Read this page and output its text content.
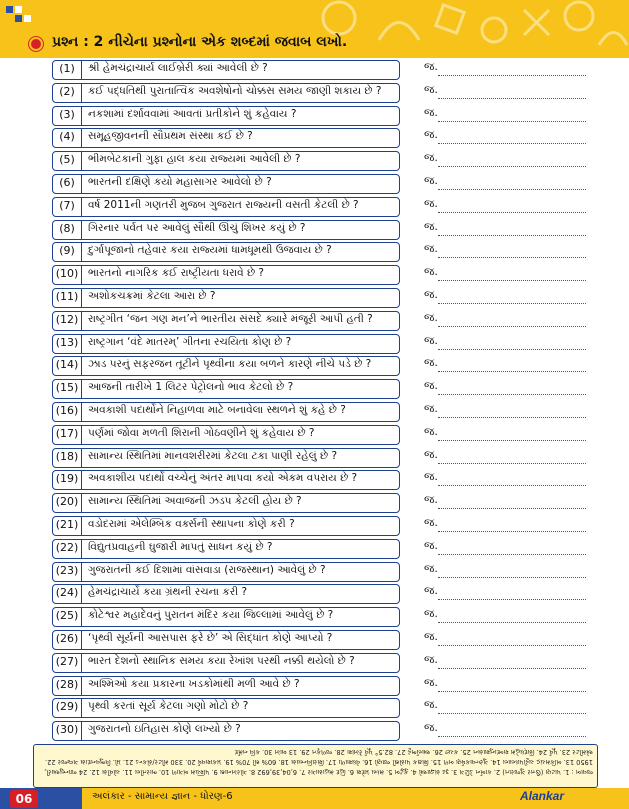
પ્રશ્ન : 2 નીચેના પ્રશ્નોના એક શબ્દમાં જવાબ લખો.
(1)	શ્રી હેમચંદ્રાચાર્ય લાઈબ્રેરી ક્યાં આવેલી છે ?	જ.
(2)	કઈ પદ્ધતિથી પુરાતાત્વિક અવશેષોનો ચોક્કસ સમય જાણી શકાય છે ?	જ.
(3)	નકશામાં દર્શાવવામાં આવતાં પ્રતીકોને શું કહેવાય ?	જ.
(4)	સમૂહજીવનની સૌપ્રથમ સંસ્થા કઈ છે ?	જ.
(5)	ભીમબેટકાની ગુફા હાલ કયા રાજ્યમાં આવેલી છે ?	જ.
(6)	ભારતની દક્ષિણે કયો મહાસાગર આવેલો છે ?	જ.
(7)	વર્ષ 2011ની ગણતરી મુજબ ગુજરાત રાજ્યની વસતી કેટલી છે ?	જ.
(8)	ગિરનાર પર્વત પર આવેલું સૌથી ઊંચું શિખર કયું છે ?	જ.
(9)	દુર્ગાપૂજાનો તહેવાર કયા રાજ્યમાં ધામધૂમથી ઉજવાય છે ?	જ.
(10) ભારતનો નાગરિક કઈ રાષ્ટ્રીયતા ધરાવે છે ?	જ.
(11) અશોકચક્રમાં કેટલા આરા છે ?	જ.
(12) રાષ્ટ્રગીત ‘જન ગણ મન’ને ભારતીય સંસદે ક્યારે મંજૂરી આપી હતી ?	જ.
(13) રાષ્ટ્રગાન ‘વંદે માતરમ્’ ગીતના રચયિતા કોણ છે ?	જ.
(14) ઝાડ પરનું સફરજન તૂટીને પૃથ્વીના કયા બળને કારણે નીચે પડે છે ?	જ.
(15) આજની તારીખે 1 લિટર પેટ્રોલનો ભાવ કેટલો છે ?	જ.
(16) અવકાશી પદાર્થોને નિહાળવા માટે બનાવેલા સ્થળને શું કહે છે ?	જ.
(17) પર્ણમાં જોવા મળતી શિરાની ગોઠવણીને શું કહેવાય છે ?	જ.
(18) સામાન્ય સ્થિતિમાં માનવશરીરમાં કેટલા ટકા પાણી રહેલું છે ?	જ.
(19) અવકાશીય પદાર્થો વચ્ચેનું અંતર માપવા કયો એકમ વપરાય છે ?	જ.
(20) સામાન્ય સ્થિતિમાં અવાજની ઝડપ કેટલી હોય છે ?	જ.
(21) વડોદરામાં એલેમ્બિક વર્ક્સની સ્થાપના કોણે કરી ?	જ.
(22) વિદ્યુતપ્રવાહની ઘુજારી માપતું સાધન કયું છે ?	જ.
(23) ગુજરાતની કઈ દિશામાં વાંસવાડા (રાજસ્થાન) આવેલું છે ?	જ.
(24) હેમચંદ્રાચાર્યે કયા ગ્રંથની રચના કરી ?	જ.
(25) કોટેશ્વર મહાદેવનું પુરાતન મંદિર કયા જિલ્લામાં આવેલું છે ?	જ.
(26) ‘પૃથ્વી સૂર્યની આસપાસ ફરે છે’ એ સિદ્ધાંત કોણે આપ્યો ?	જ.
(27) ભારત દેશનો સ્થાનિક સમય કયા રેખાંશ પરથી નક્કી થયેલો છે ?	જ.
(28) અશ્મિઓ કયા પ્રકારના ખડકોમાંથી મળી આવે છે ?	જ.
(29) પૃથ્વી કરતાં સૂર્ય કેટલા ગણો મોટો છે ?	જ.
(30) ગુજરાતનો ઇતિહાસ કોણે લખ્યો છે ?	જ.
જવાબ : 1. પાટણ (ઉત્તર ગુજરાત) 2. કાર્બન ડેટિંગ 3. રૂઢ સંજ્ઞાઓ 4. કુટુંબ 5. મધ્ય પ્રદેશ 6. હિંદ મહાસાગર 7. 6,04,39,692 8. ગોરખનાથ 9. પશ્ચિમ બંગાળ 10. ભારતીય 11. ચોવીસ 12. 24 જાન્યુઆરી, 1950 13. બંકિમચંદ્ર ચટ્ટોપાધ્યાય 14. ગુરુત્વાકર્ષણ બળ 15. શિક્ષક પાસેથી જાણો 16. વેધશાળા 17. શિરાવિન્યાસ 18. 60% થી 70% 19. પ્રકાશવર્ષ 20. 330 મીટર/સેકન્ડ 21. પ્રો. ત્રિભુવનદાસ ગજ્જર 22. એમીટર 23. પૂર્વ 24. સિદ્ધહેમ શબ્દાનુશાસન 25. કચ્છ 26. આર્યભટ્ટ 27. 82.5° પૂર્વ રેખાંશ 28. જળકૃત 29. 13 લાખ 30. કવિ નર્મદ
06	અલંકાર - સામાન્ય જ્ઞાન - ધોરણ-6	Alankar
